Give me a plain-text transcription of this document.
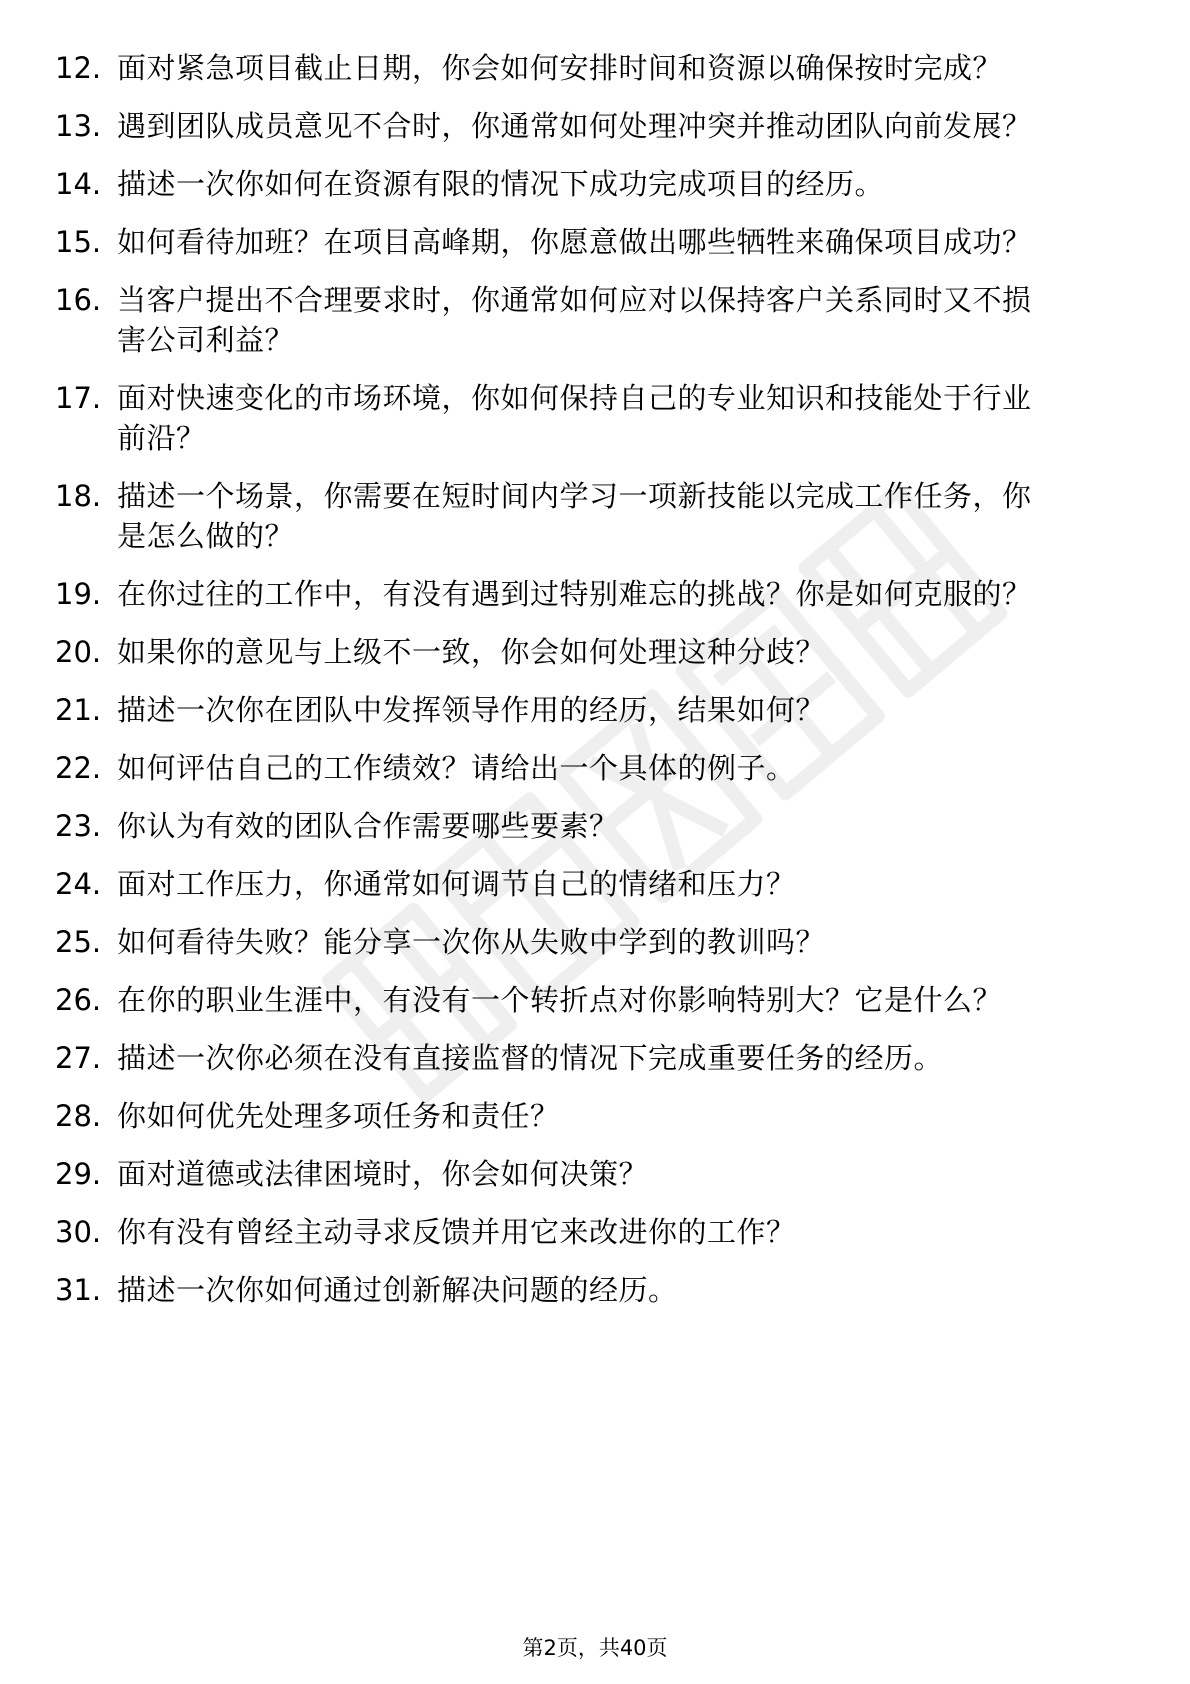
12. 面对紧急项目截止日期，你会如何安排时间和资源以确保按时完成？
13. 遇到团队成员意见不合时，你通常如何处理冲突并推动团队向前发展？
14. 描述一次你如何在资源有限的情况下成功完成项目的经历。
15. 如何看待加班？在项目高峰期，你愿意做出哪些牺牲来确保项目成功？
16. 当客户提出不合理要求时，你通常如何应对以保持客户关系同时又不损害公司利益？
17. 面对快速变化的市场环境，你如何保持自己的专业知识和技能处于行业前沿？
18. 描述一个场景，你需要在短时间内学习一项新技能以完成工作任务，你是怎么做的？
19. 在你过往的工作中，有没有遇到过特别难忘的挑战？你是如何克服的？
20. 如果你的意见与上级不一致，你会如何处理这种分歧？
21. 描述一次你在团队中发挥领导作用的经历，结果如何？
22. 如何评估自己的工作绩效？请给出一个具体的例子。
23. 你认为有效的团队合作需要哪些要素？
24. 面对工作压力，你通常如何调节自己的情绪和压力？
25. 如何看待失败？能分享一次你从失败中学到的教训吗？
26. 在你的职业生涯中，有没有一个转折点对你影响特别大？它是什么？
27. 描述一次你必须在没有直接监督的情况下完成重要任务的经历。
28. 你如何优先处理多项任务和责任？
29. 面对道德或法律困境时，你会如何决策？
30. 你有没有曾经主动寻求反馈并用它来改进你的工作？
31. 描述一次你如何通过创新解决问题的经历。
第2页，共40页
